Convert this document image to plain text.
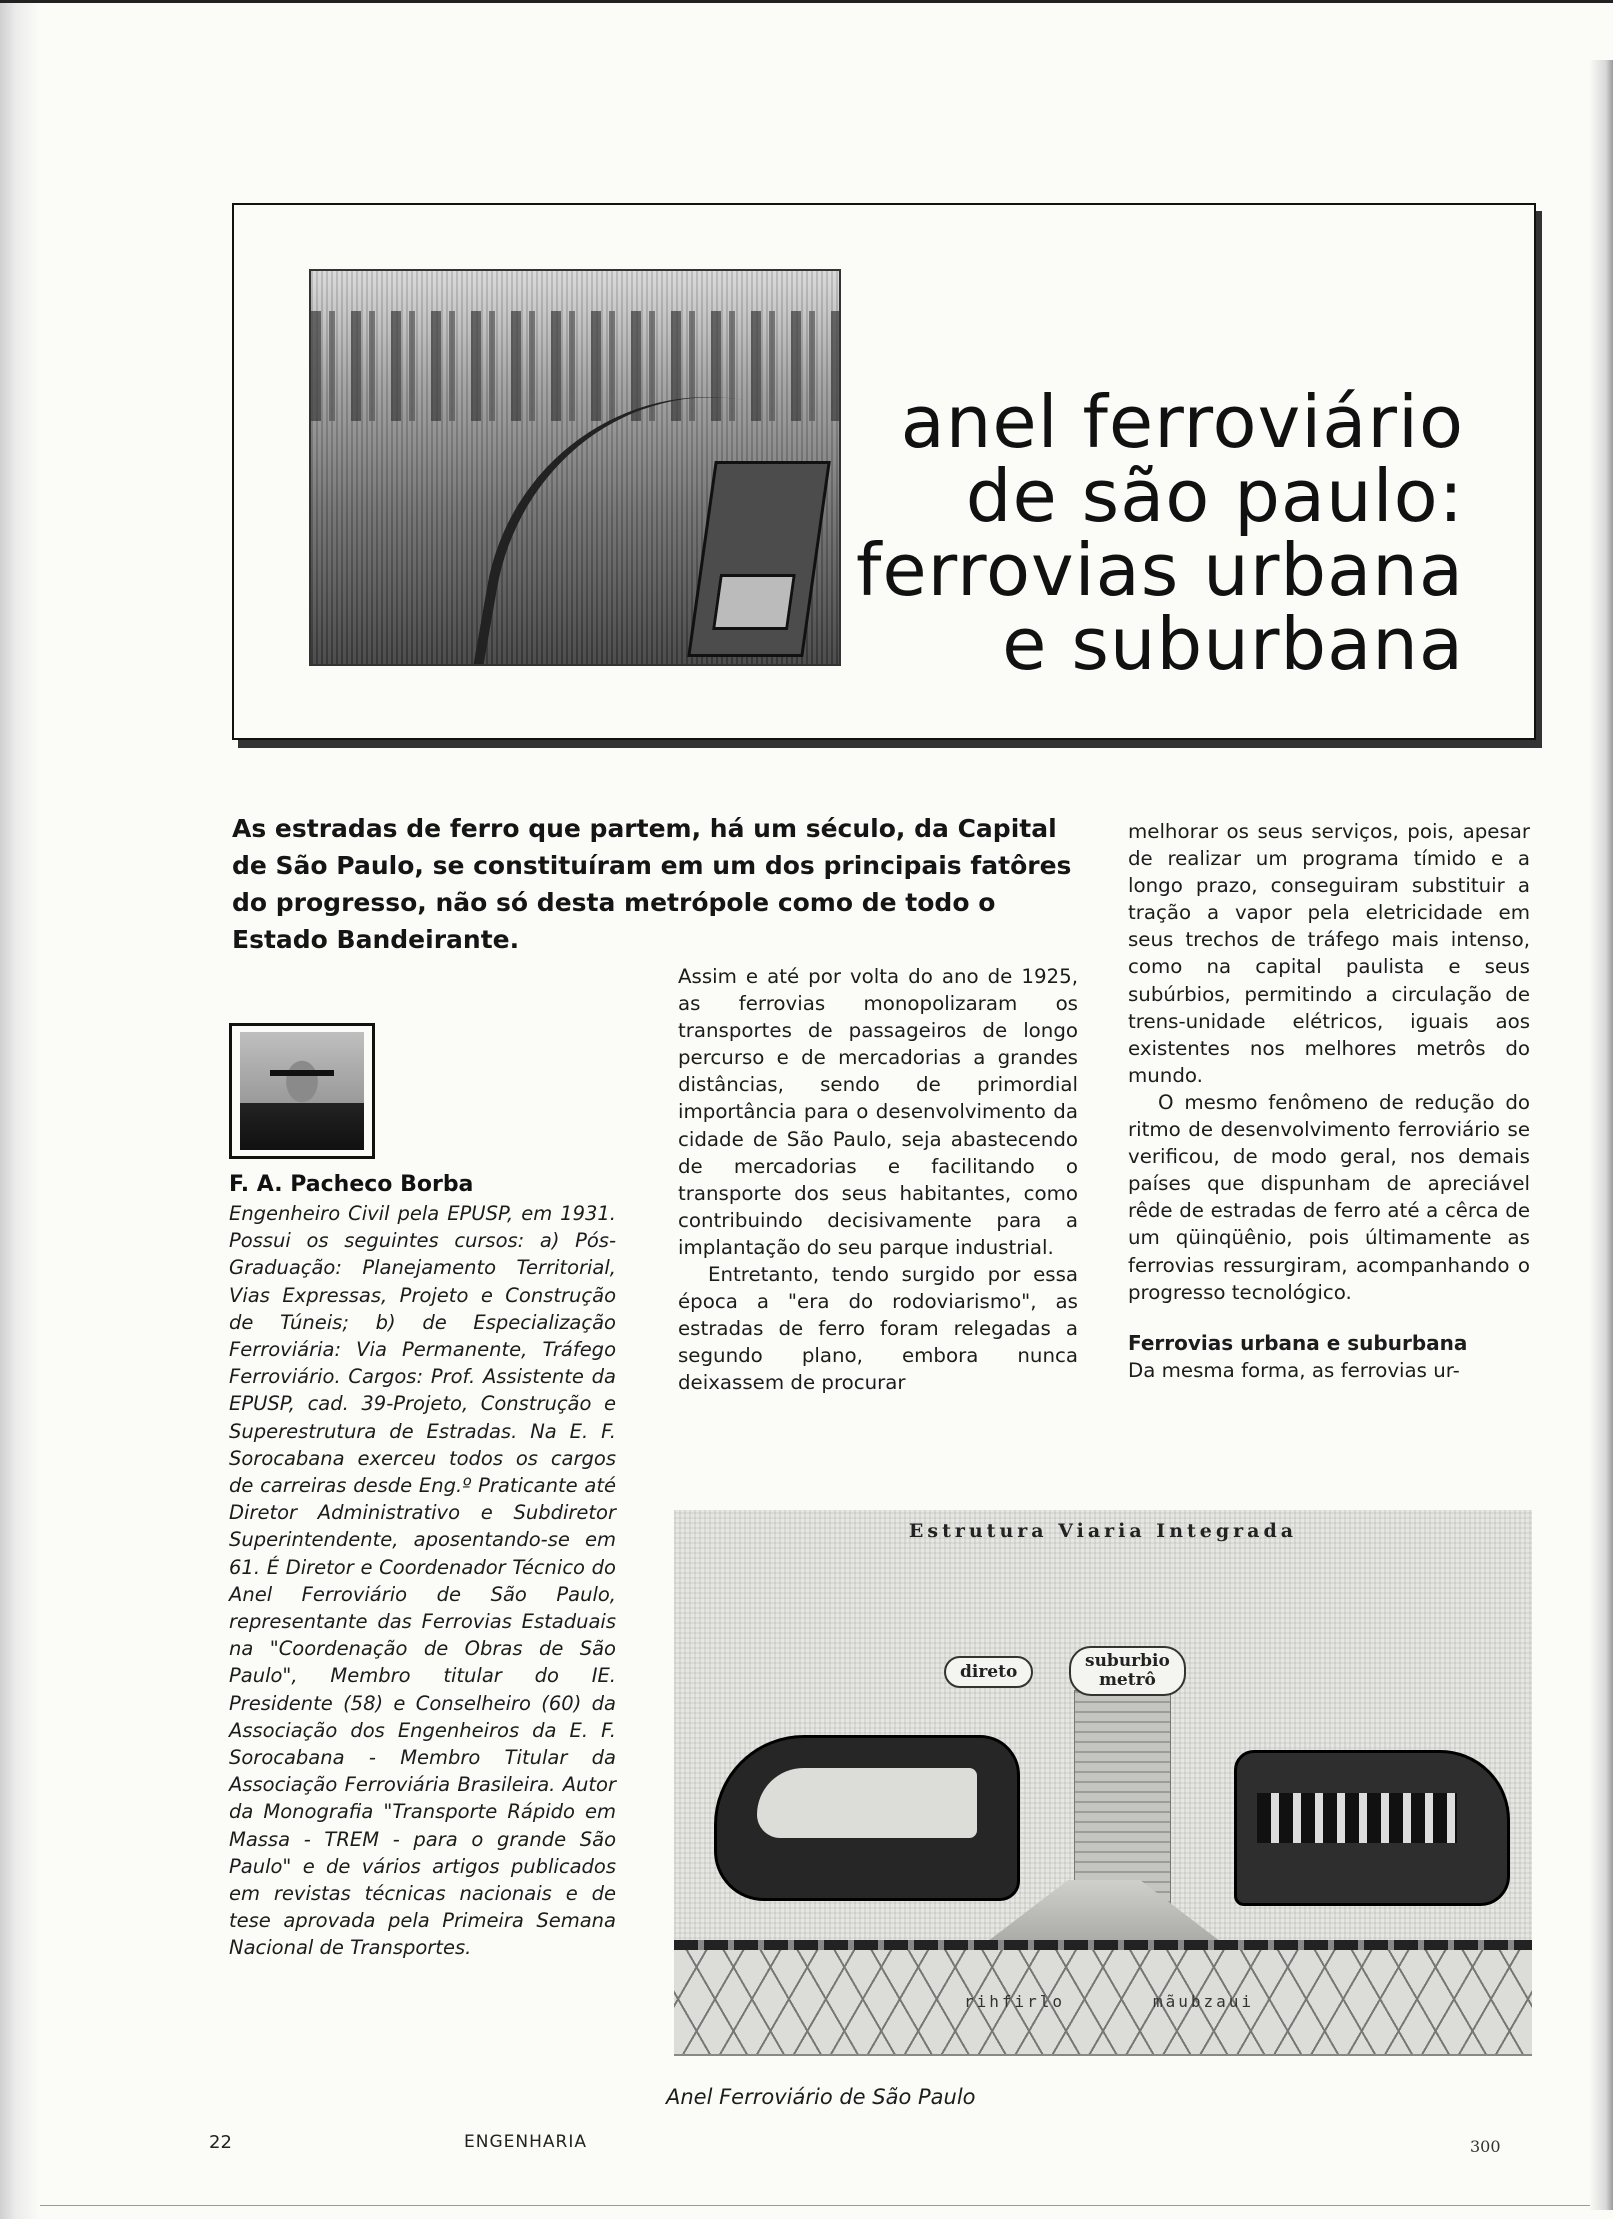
anel ferroviário
de são paulo:
ferrovias urbana
e suburbana

As estradas de ferro que partem, há um século, da Capital de São Paulo, se constituíram em um dos principais fatôres do progresso, não só desta metrópole como de todo o Estado Bandeirante.

F. A. Pacheco Borba

Engenheiro Civil pela EPUSP, em 1931. Possui os seguintes cursos: a) Pós-Graduação: Planejamento Territorial, Vias Expressas, Projeto e Construção de Túneis; b) de Especialização Ferroviária: Via Permanente, Tráfego Ferroviário. Cargos: Prof. Assistente da EPUSP, cad. 39-Projeto, Construção e Superestrutura de Estradas. Na E. F. Sorocabana exerceu todos os cargos de carreiras desde Eng.º Praticante até Diretor Administrativo e Subdiretor Superintendente, aposentando-se em 61. É Diretor e Coordenador Técnico do Anel Ferroviário de São Paulo, representante das Ferrovias Estaduais na "Coordenação de Obras de São Paulo", Membro titular do IE. Presidente (58) e Conselheiro (60) da Associação dos Engenheiros da E. F. Sorocabana - Membro Titular da Associação Ferroviária Brasileira. Autor da Monografia "Transporte Rápido em Massa - TREM - para o grande São Paulo" e de vários artigos publicados em revistas técnicas nacionais e de tese aprovada pela Primeira Semana Nacional de Transportes.

Assim e até por volta do ano de 1925, as ferrovias monopolizaram os transportes de passageiros de longo percurso e de mercadorias a grandes distâncias, sendo de primordial importância para o desenvolvimento da cidade de São Paulo, seja abastecendo de mercadorias e facilitando o transporte dos seus habitantes, como contribuindo decisivamente para a implantação do seu parque industrial.

Entretanto, tendo surgido por essa época a "era do rodoviarismo", as estradas de ferro foram relegadas a segundo plano, embora nunca deixassem de procurar

melhorar os seus serviços, pois, apesar de realizar um programa tímido e a longo prazo, conseguiram substituir a tração a vapor pela eletricidade em seus trechos de tráfego mais intenso, como na capital paulista e seus subúrbios, permitindo a circulação de trens-unidade elétricos, iguais aos existentes nos melhores metrôs do mundo.

O mesmo fenômeno de redução do ritmo de desenvolvimento ferroviário se verificou, de modo geral, nos demais países que dispunham de apreciável rêde de estradas de ferro até a cêrca de um qüinqüênio, pois últimamente as ferrovias ressurgiram, acompanhando o progresso tecnológico.

Ferrovias urbana e suburbana

Da mesma forma, as ferrovias ur-

Estrutura Viaria Integrada
direto
suburbio
metrô
rihfirlo	mãubzaui

Anel Ferroviário de São Paulo

22	ENGENHARIA	300
